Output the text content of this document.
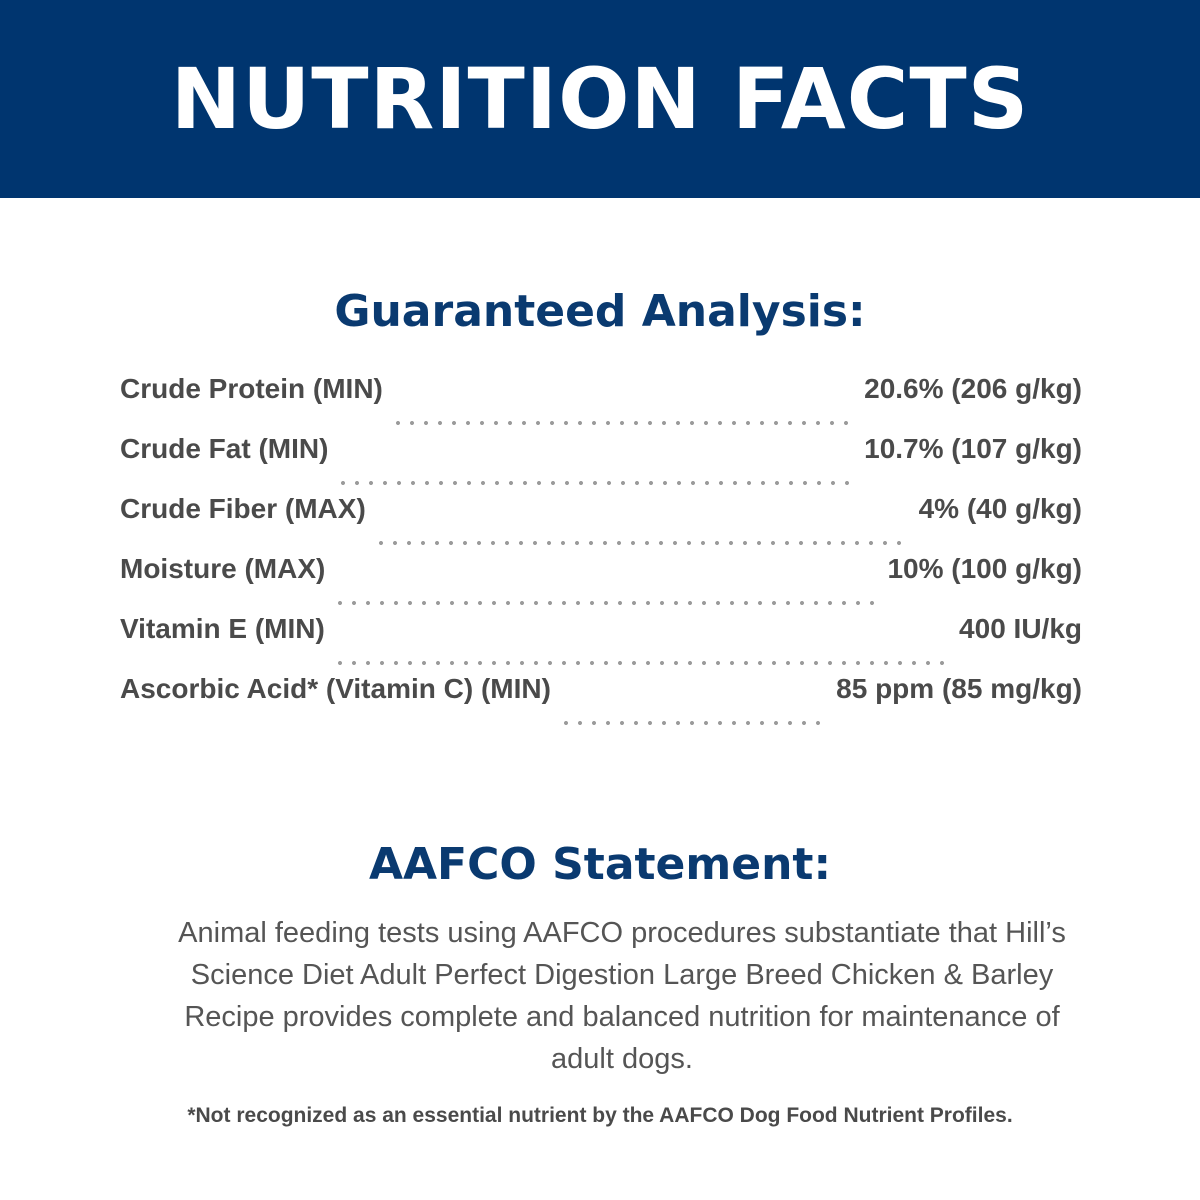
NUTRITION FACTS
Guaranteed Analysis:
Crude Protein (MIN)	20.6% (206 g/kg)
Crude Fat (MIN)	10.7% (107 g/kg)
Crude Fiber (MAX)	4% (40 g/kg)
Moisture (MAX)	10% (100 g/kg)
Vitamin E (MIN)	400 IU/kg
Ascorbic Acid* (Vitamin C) (MIN)	85 ppm (85 mg/kg)
AAFCO Statement:

Animal feeding tests using AAFCO procedures substantiate that Hill’s Science Diet Adult Perfect Digestion Large Breed Chicken & Barley Recipe provides complete and balanced nutrition for maintenance of adult dogs.

*Not recognized as an essential nutrient by the AAFCO Dog Food Nutrient Profiles.
